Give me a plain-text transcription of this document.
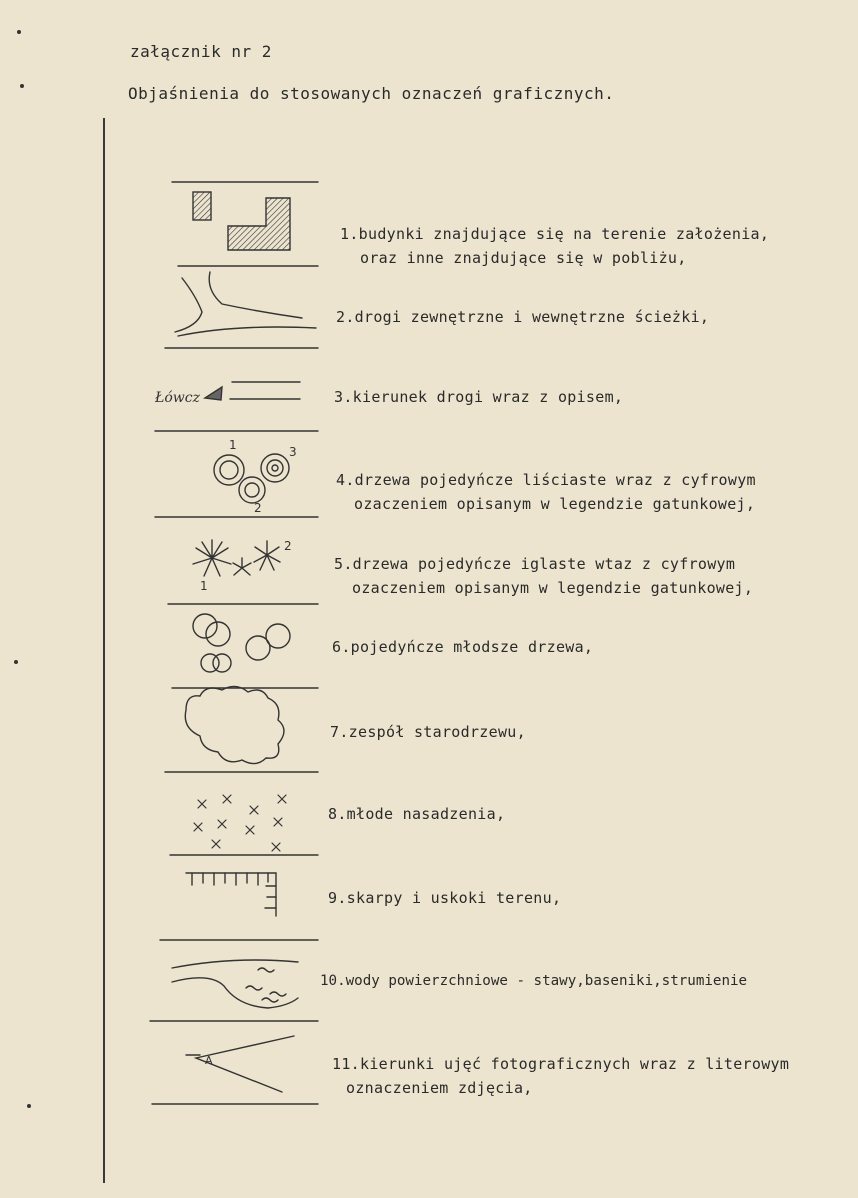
załącznik nr 2
Objaśnienia do stosowanych oznaczeń graficznych.
1
2
3
1
2
A
Łówcz
1.budynki znajdujące się na terenie założenia,
oraz inne znajdujące się w pobliżu,
2.drogi zewnętrzne i wewnętrzne ścieżki,
3.kierunek drogi wraz z opisem,
4.drzewa pojedyńcze liściaste wraz z cyfrowym
ozaczeniem opisanym w legendzie gatunkowej,
5.drzewa pojedyńcze iglaste wtaz z cyfrowym
ozaczeniem opisanym w legendzie gatunkowej,
6.pojedyńcze młodsze drzewa,
7.zespół starodrzewu,
8.młode nasadzenia,
9.skarpy i uskoki terenu,
10.wody powierzchniowe - stawy,baseniki,strumienie
11.kierunki ujęć fotograficznych wraz z literowym
oznaczeniem zdjęcia,
